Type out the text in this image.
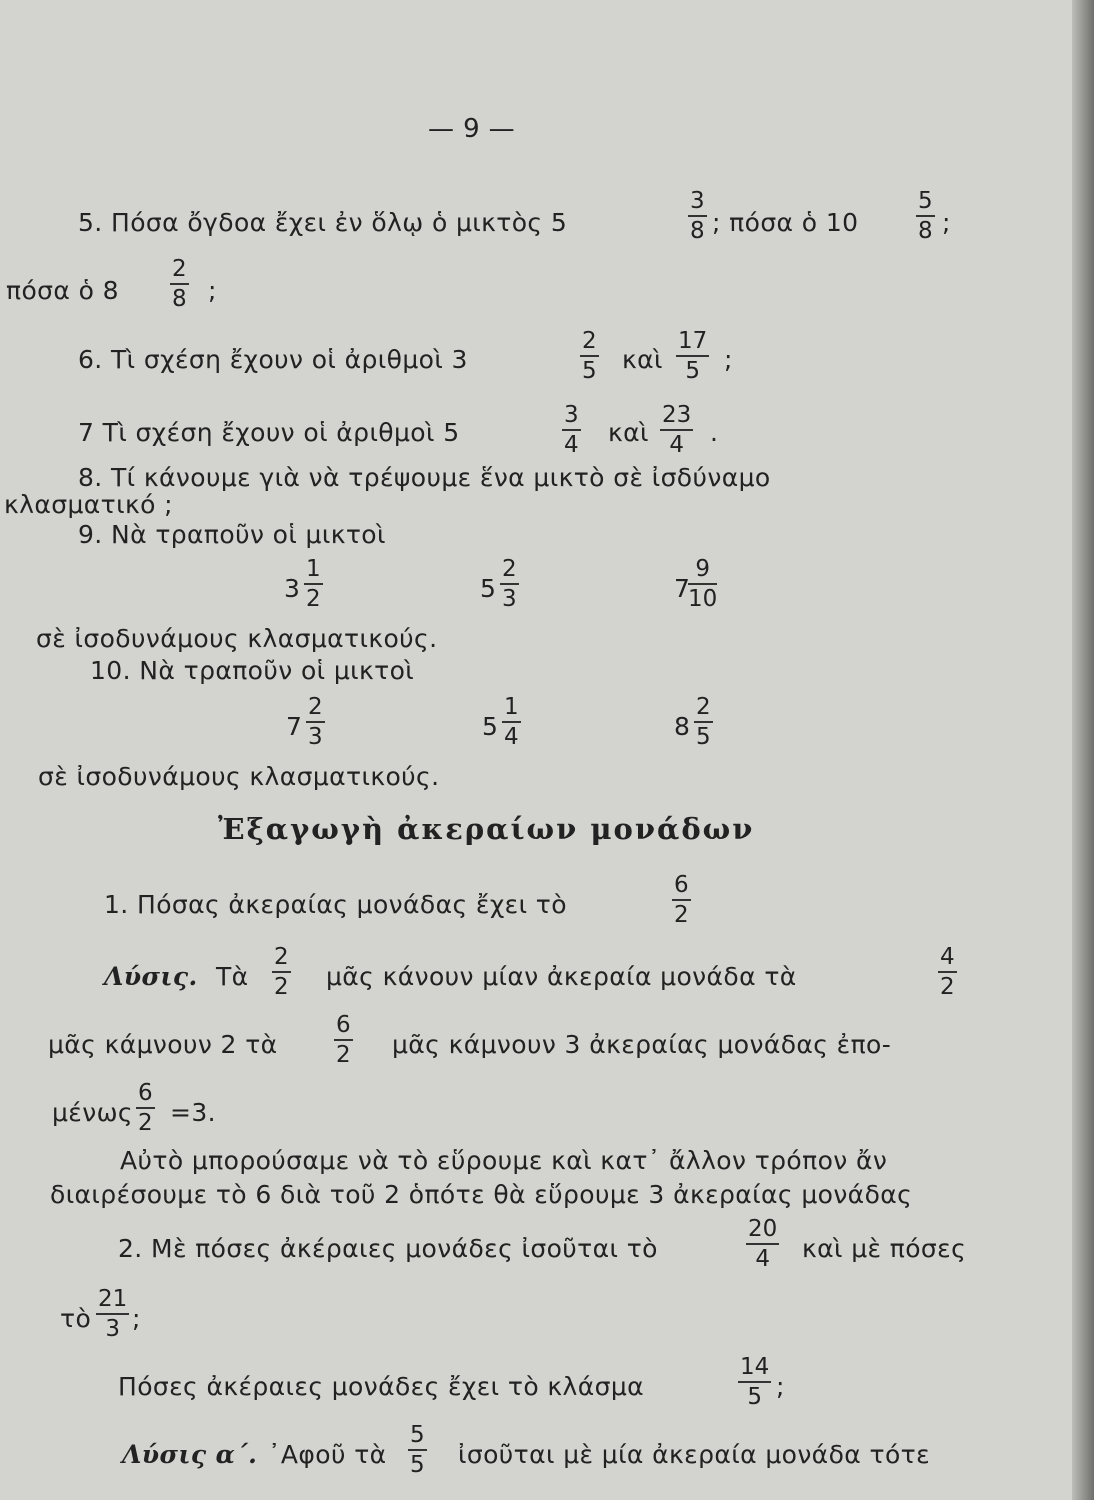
— 9 —
5. Πόσα ὄγδοα ἔχει ἐν ὅλῳ ὁ μικτὸς 5	$\frac{3}{8}$ ; πόσα ὁ 10	$\frac{5}{8}$ ;
πόσα ὁ $8 \frac{2}{8}$ ;
6. Τὶ σχέση ἔχουν οἱ ἀριθμοὶ 3	$\frac{2}{5}$ καὶ $\frac{17}{5}$ ;
7 Τὶ σχέση ἔχουν οἱ ἀριθμοὶ 5	$\frac{3}{4}$ καὶ $\frac{23}{4}$ .
8. Τί κάνουμε γιὰ νὰ τρέψουμε ἕνα μικτὸ σὲ ἰσδύναμο
κλασματικό ;
9. Νὰ τραποῦν οἱ μικτοὶ
$3 \frac{1}{2}$	$5 \frac{2}{3}$	7
$\frac{9}{10}$
σὲ ἰσοδυνάμους κλασματικούς.
10. Νὰ τραποῦν οἱ μικτοὶ
$7 \frac{2}{3}$	$5 \frac{1}{4}$	$8 \frac{2}{5}$
σὲ ἰσοδυνάμους κλασματικούς.
Ἐξαγωγὴ ἀκεραίων μονάδων
1. Πόσας ἀκεραίας μονάδας ἔχει τὸ	$\frac{6}{2}$
Λύσις. Τὰ $\frac{2}{2}$ μᾶς κάνουν μίαν ἀκεραία μονάδα τὰ	$\frac{4}{2}$
μᾶς κάμνουν 2 τὰ $\frac{6}{2}$ μᾶς κάμνουν 3 ἀκεραίας μονάδας ἐπο-
μένως $\frac{6}{2} =3$.
Αὐτὸ μπορούσαμε νὰ τὸ εὕρουμε καὶ κατ᾽ ἄλλον τρόπον ἄν
διαιρέσουμε τὸ 6 διὰ τοῦ 2 ὁπότε θὰ εὕρουμε 3 ἀκεραίας μονάδας
2. Μὲ πόσες ἀκέραιες μονάδες ἰσοῦται τὸ	$\frac{20}{4}$ καὶ μὲ πόσες
τὸ $\frac{21}{3}$ ;
Πόσες ἀκέραιες μονάδες ἔχει τὸ κλάσμα	$\frac{14}{5}$ ;
Λύσις α΄. ᾽Αφοῦ τὰ $\frac{5}{5}$ ἰσοῦται μὲ μία ἀκεραία μονάδα τότε
